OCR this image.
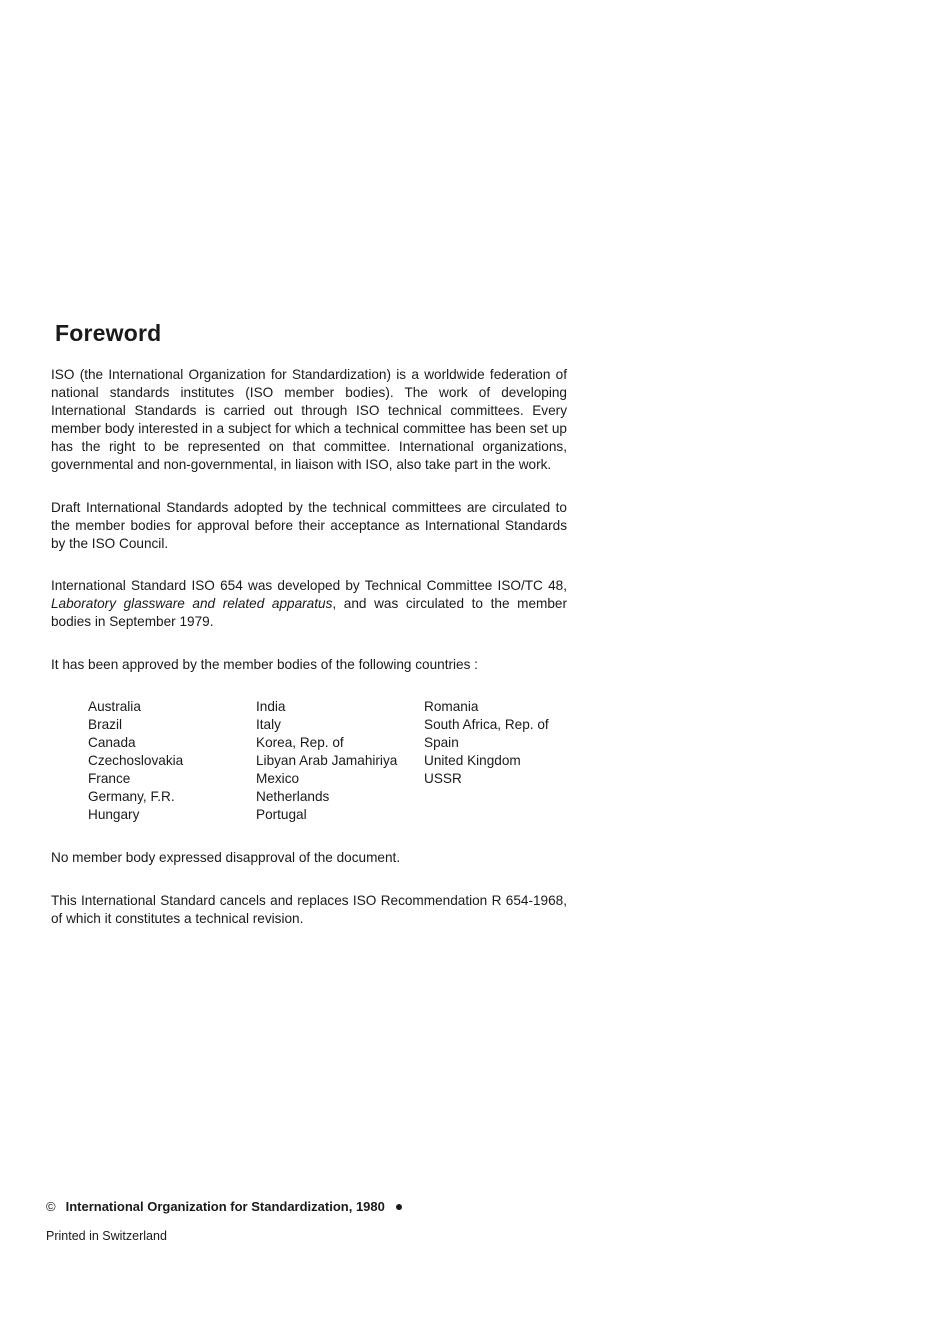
Foreword

ISO (the International Organization for Standardization) is a worldwide federation of national standards institutes (ISO member bodies). The work of developing International Standards is carried out through ISO technical committees. Every member body interested in a subject for which a technical committee has been set up has the right to be represented on that committee. International organizations, governmental and non-governmental, in liaison with ISO, also take part in the work.

Draft International Standards adopted by the technical committees are circulated to the member bodies for approval before their acceptance as International Standards by the ISO Council.

International Standard ISO 654 was developed by Technical Committee ISO/TC 48, Laboratory glassware and related apparatus, and was circulated to the member bodies in September 1979.

It has been approved by the member bodies of the following countries :

Australia
Brazil
Canada
Czechoslovakia
France
Germany, F.R.
Hungary
India
Italy
Korea, Rep. of
Libyan Arab Jamahiriya
Mexico
Netherlands
Portugal
Romania
South Africa, Rep. of
Spain
United Kingdom
USSR

No member body expressed disapproval of the document.

This International Standard cancels and replaces ISO Recommendation R 654-1968, of which it constitutes a technical revision.

© International Organization for Standardization, 1980 ●
Printed in Switzerland
